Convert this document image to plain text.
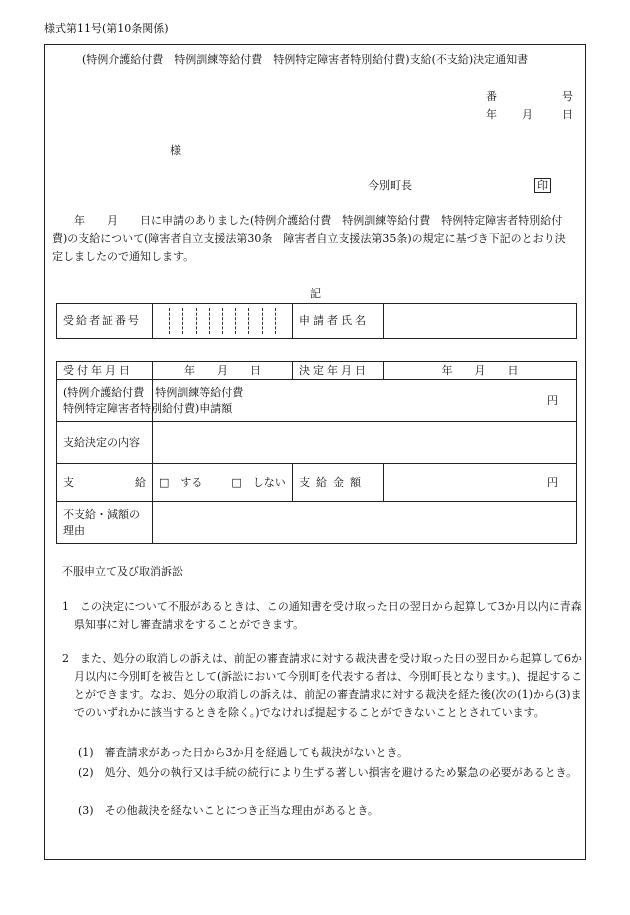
様式第11号(第10条関係)
(特例介護給付費　特例訓練等給付費　特例特定障害者特別給付費)支給(不支給)決定通知書
番	号
年 月	日
様
今別町長	印
　　年　　月　　日に申請のありました(特例介護給付費　特例訓練等給付費　特例特定障害者特別給付費)の支給について(障害者自立支援法第30条　障害者自立支援法第35条)の規定に基づき下記のとおり決定しましたので通知します。
記
受給者証番号		申請者氏名	
受付年月日	年　　月　　日	決定年月日	年　　月　　日

(特例介護給付費　特例訓練等給付費
特例特定障害者特別給付費)申請額	円		
支給決定の内容			
支 給	□　する □　しない	支給金額	円

不支給・減額の
理由			

不服申立て及び取消訴訟
1　この決定について不服があるときは、この通知書を受け取った日の翌日から起算して3か月以内に青森県知事に対し審査請求をすることができます。
2　また、処分の取消しの訴えは、前記の審査請求に対する裁決書を受け取った日の翌日から起算して6か月以内に今別町を被告として(訴訟において今別町を代表する者は、今別町長となります。)、提起することができます。なお、処分の取消しの訴えは、前記の審査請求に対する裁決を経た後(次の(1)から(3)までのいずれかに該当するときを除く。)でなければ提起することができないこととされています。
(1)　審査請求があった日から3か月を経過しても裁決がないとき。
(2)　処分、処分の執行又は手続の続行により生ずる著しい損害を避けるため緊急の必要があるとき。
(3)　その他裁決を経ないことにつき正当な理由があるとき。
